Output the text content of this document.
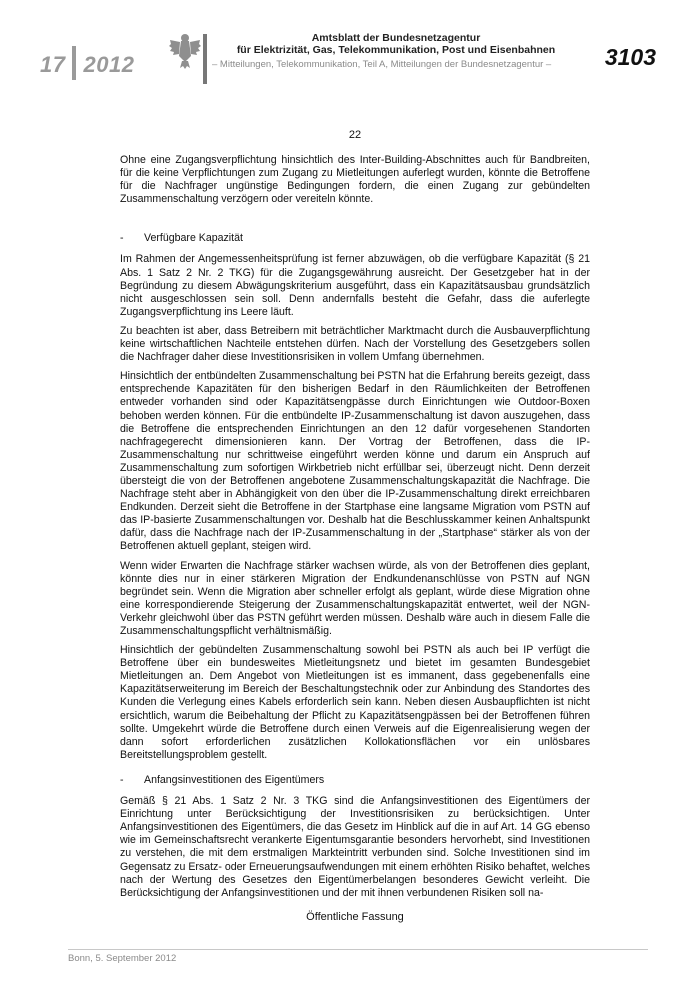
17 2012
Amtsblatt der Bundesnetzagentur
für Elektrizität, Gas, Telekommunikation, Post und Eisenbahnen
– Mitteilungen, Telekommunikation, Teil A, Mitteilungen der Bundesnetzagentur –	3103
22

Ohne eine Zugangsverpflichtung hinsichtlich des Inter-Building-Abschnittes auch für Bandbreiten, für die keine Verpflichtungen zum Zugang zu Mietleitungen auferlegt wurden, könnte die Betroffene für die Nachfrager ungünstige Bedingungen fordern, die einen Zugang zur gebündelten Zusammenschaltung verzögern oder vereiteln könnte.

- Verfügbare Kapazität

Im Rahmen der Angemessenheitsprüfung ist ferner abzuwägen, ob die verfügbare Kapazität (§ 21 Abs. 1 Satz 2 Nr. 2 TKG) für die Zugangsgewährung ausreicht. Der Gesetzgeber hat in der Begründung zu diesem Abwägungskriterium ausgeführt, dass ein Kapazitätsausbau grundsätzlich nicht ausgeschlossen sein soll. Denn andernfalls besteht die Gefahr, dass die auferlegte Zugangsverpflichtung ins Leere läuft.

Zu beachten ist aber, dass Betreibern mit beträchtlicher Marktmacht durch die Ausbauverpflichtung keine wirtschaftlichen Nachteile entstehen dürfen. Nach der Vorstellung des Gesetzgebers sollen die Nachfrager daher diese Investitionsrisiken in vollem Umfang übernehmen.

Hinsichtlich der entbündelten Zusammenschaltung bei PSTN hat die Erfahrung bereits gezeigt, dass entsprechende Kapazitäten für den bisherigen Bedarf in den Räumlichkeiten der Betroffenen entweder vorhanden sind oder Kapazitätsengpässe durch Einrichtungen wie Outdoor-Boxen behoben werden können. Für die entbündelte IP-Zusammenschaltung ist davon auszugehen, dass die Betroffene die entsprechenden Einrichtungen an den 12 dafür vorgesehenen Standorten nachfragegerecht dimensionieren kann. Der Vortrag der Betroffenen, dass die IP-Zusammenschaltung nur schrittweise eingeführt werden könne und darum ein Anspruch auf Zusammenschaltung zum sofortigen Wirkbetrieb nicht erfüllbar sei, überzeugt nicht. Denn derzeit übersteigt die von der Betroffenen angebotene Zusammenschaltungskapazität die Nachfrage. Die Nachfrage steht aber in Abhängigkeit von den über die IP-Zusammenschaltung direkt erreichbaren Endkunden. Derzeit sieht die Betroffene in der Startphase eine langsame Migration vom PSTN auf das IP-basierte Zusammenschaltungen vor. Deshalb hat die Beschlusskammer keinen Anhaltspunkt dafür, dass die Nachfrage nach der IP-Zusammenschaltung in der „Startphase“ stärker als von der Betroffenen aktuell geplant, steigen wird.

Wenn wider Erwarten die Nachfrage stärker wachsen würde, als von der Betroffenen dies geplant, könnte dies nur in einer stärkeren Migration der Endkundenanschlüsse von PSTN auf NGN begründet sein. Wenn die Migration aber schneller erfolgt als geplant, würde diese Migration ohne eine korrespondierende Steigerung der Zusammenschaltungskapazität entwertet, weil der NGN-Verkehr gleichwohl über das PSTN geführt werden müssen. Deshalb wäre auch in diesem Falle die Zusammenschaltungspflicht verhältnismäßig.

Hinsichtlich der gebündelten Zusammenschaltung sowohl bei PSTN als auch bei IP verfügt die Betroffene über ein bundesweites Mietleitungsnetz und bietet im gesamten Bundesgebiet Mietleitungen an. Dem Angebot von Mietleitungen ist es immanent, dass gegebenenfalls eine Kapazitätserweiterung im Bereich der Beschaltungstechnik oder zur Anbindung des Standortes des Kunden die Verlegung eines Kabels erforderlich sein kann. Neben diesen Ausbaupflichten ist nicht ersichtlich, warum die Beibehaltung der Pflicht zu Kapazitätsengpässen bei der Betroffenen führen sollte. Umgekehrt würde die Betroffene durch einen Verweis auf die Eigenrealisierung wegen der dann sofort erforderlichen zusätzlichen Kollokationsflächen vor ein unlösbares Bereitstellungsproblem gestellt.

- Anfangsinvestitionen des Eigentümers

Gemäß § 21 Abs. 1 Satz 2 Nr. 3 TKG sind die Anfangsinvestitionen des Eigentümers der Einrichtung unter Berücksichtigung der Investitionsrisiken zu berücksichtigen. Unter Anfangsinvestitionen des Eigentümers, die das Gesetz im Hinblick auf die in auf Art. 14 GG ebenso wie im Gemeinschaftsrecht verankerte Eigentumsgarantie besonders hervorhebt, sind Investitionen zu verstehen, die mit dem erstmaligen Markteintritt verbunden sind. Solche Investitionen sind im Gegensatz zu Ersatz- oder Erneuerungsaufwendungen mit einem erhöhten Risiko behaftet, welches nach der Wertung des Gesetzes den Eigentümerbelangen besonderes Gewicht verleiht. Die Berücksichtigung der Anfangsinvestitionen und der mit ihnen verbundenen Risiken soll na-

Öffentliche Fassung
Bonn, 5. September 2012
